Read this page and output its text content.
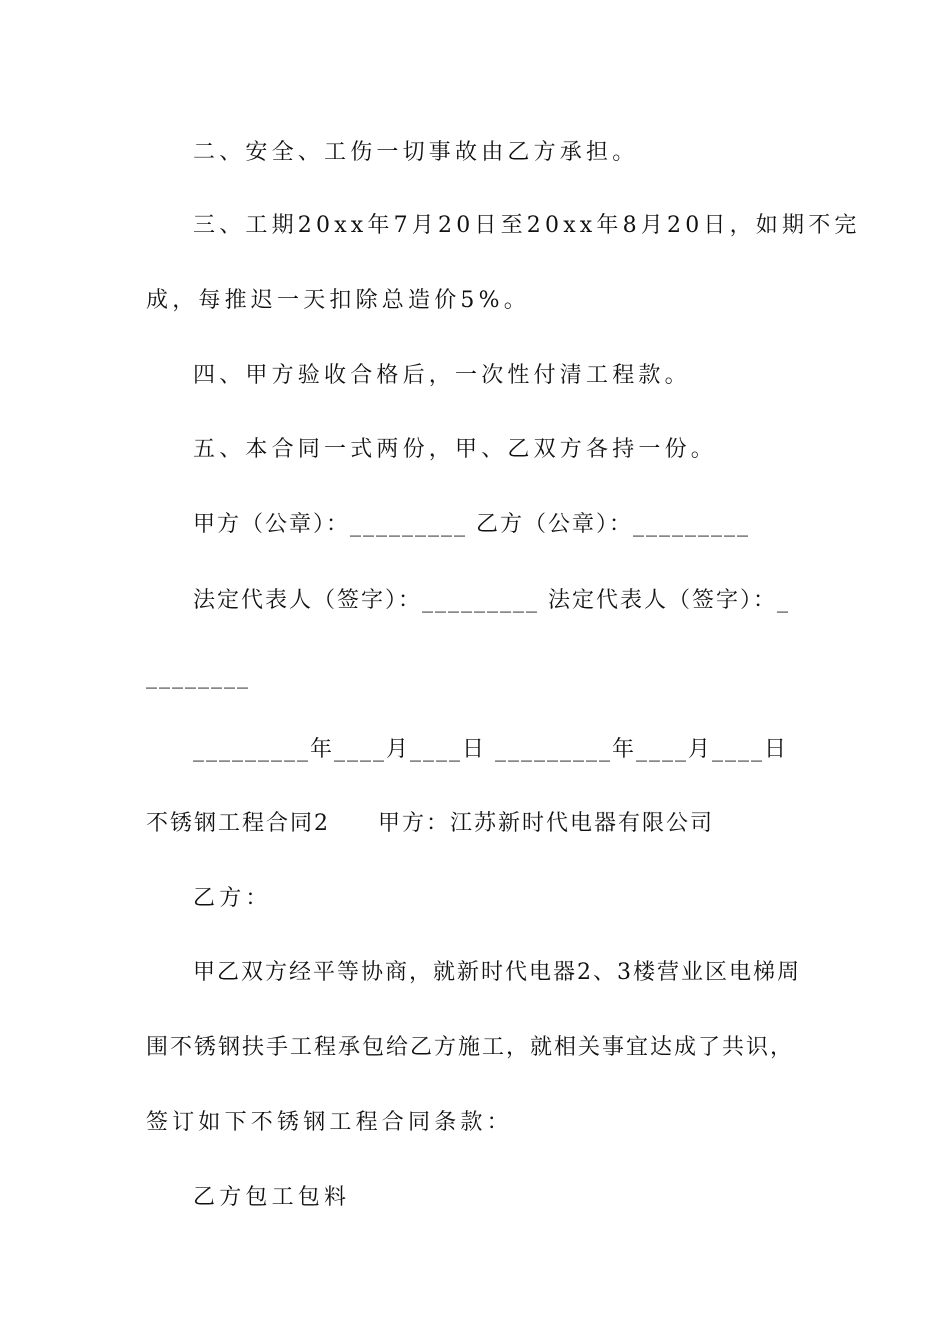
二、安全、工伤一切事故由乙方承担。
三、工期20xx年7月20日至20xx年8月20日，如期不完
成，每推迟一天扣除总造价5%。
四、甲方验收合格后，一次性付清工程款。
五、本合同一式两份，甲、乙双方各持一份。
甲方（公章）：_________ 乙方（公章）：_________
法定代表人（签字）：_________ 法定代表人（签字）：_
________
_________年____月____日 _________年____月____日
不锈钢工程合同2　　甲方：江苏新时代电器有限公司
乙方：
甲乙双方经平等协商，就新时代电器2、3楼营业区电梯周
围不锈钢扶手工程承包给乙方施工，就相关事宜达成了共识，
签订如下不锈钢工程合同条款：
乙方包工包料
